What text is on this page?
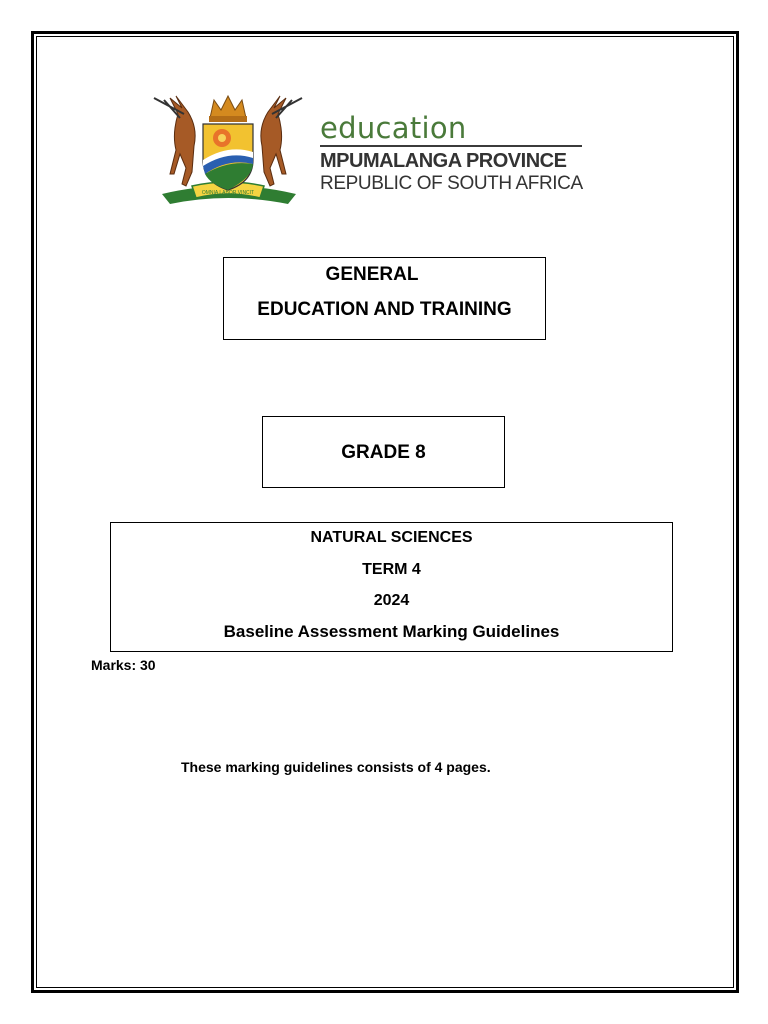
OMNIA LABOR VINCIT
education
MPUMALANGA PROVINCE
REPUBLIC OF SOUTH AFRICA
GENERAL
EDUCATION AND TRAINING
GRADE 8
NATURAL SCIENCES
TERM 4
2024
Baseline Assessment Marking Guidelines
Marks: 30
These marking guidelines consists of 4 pages.
